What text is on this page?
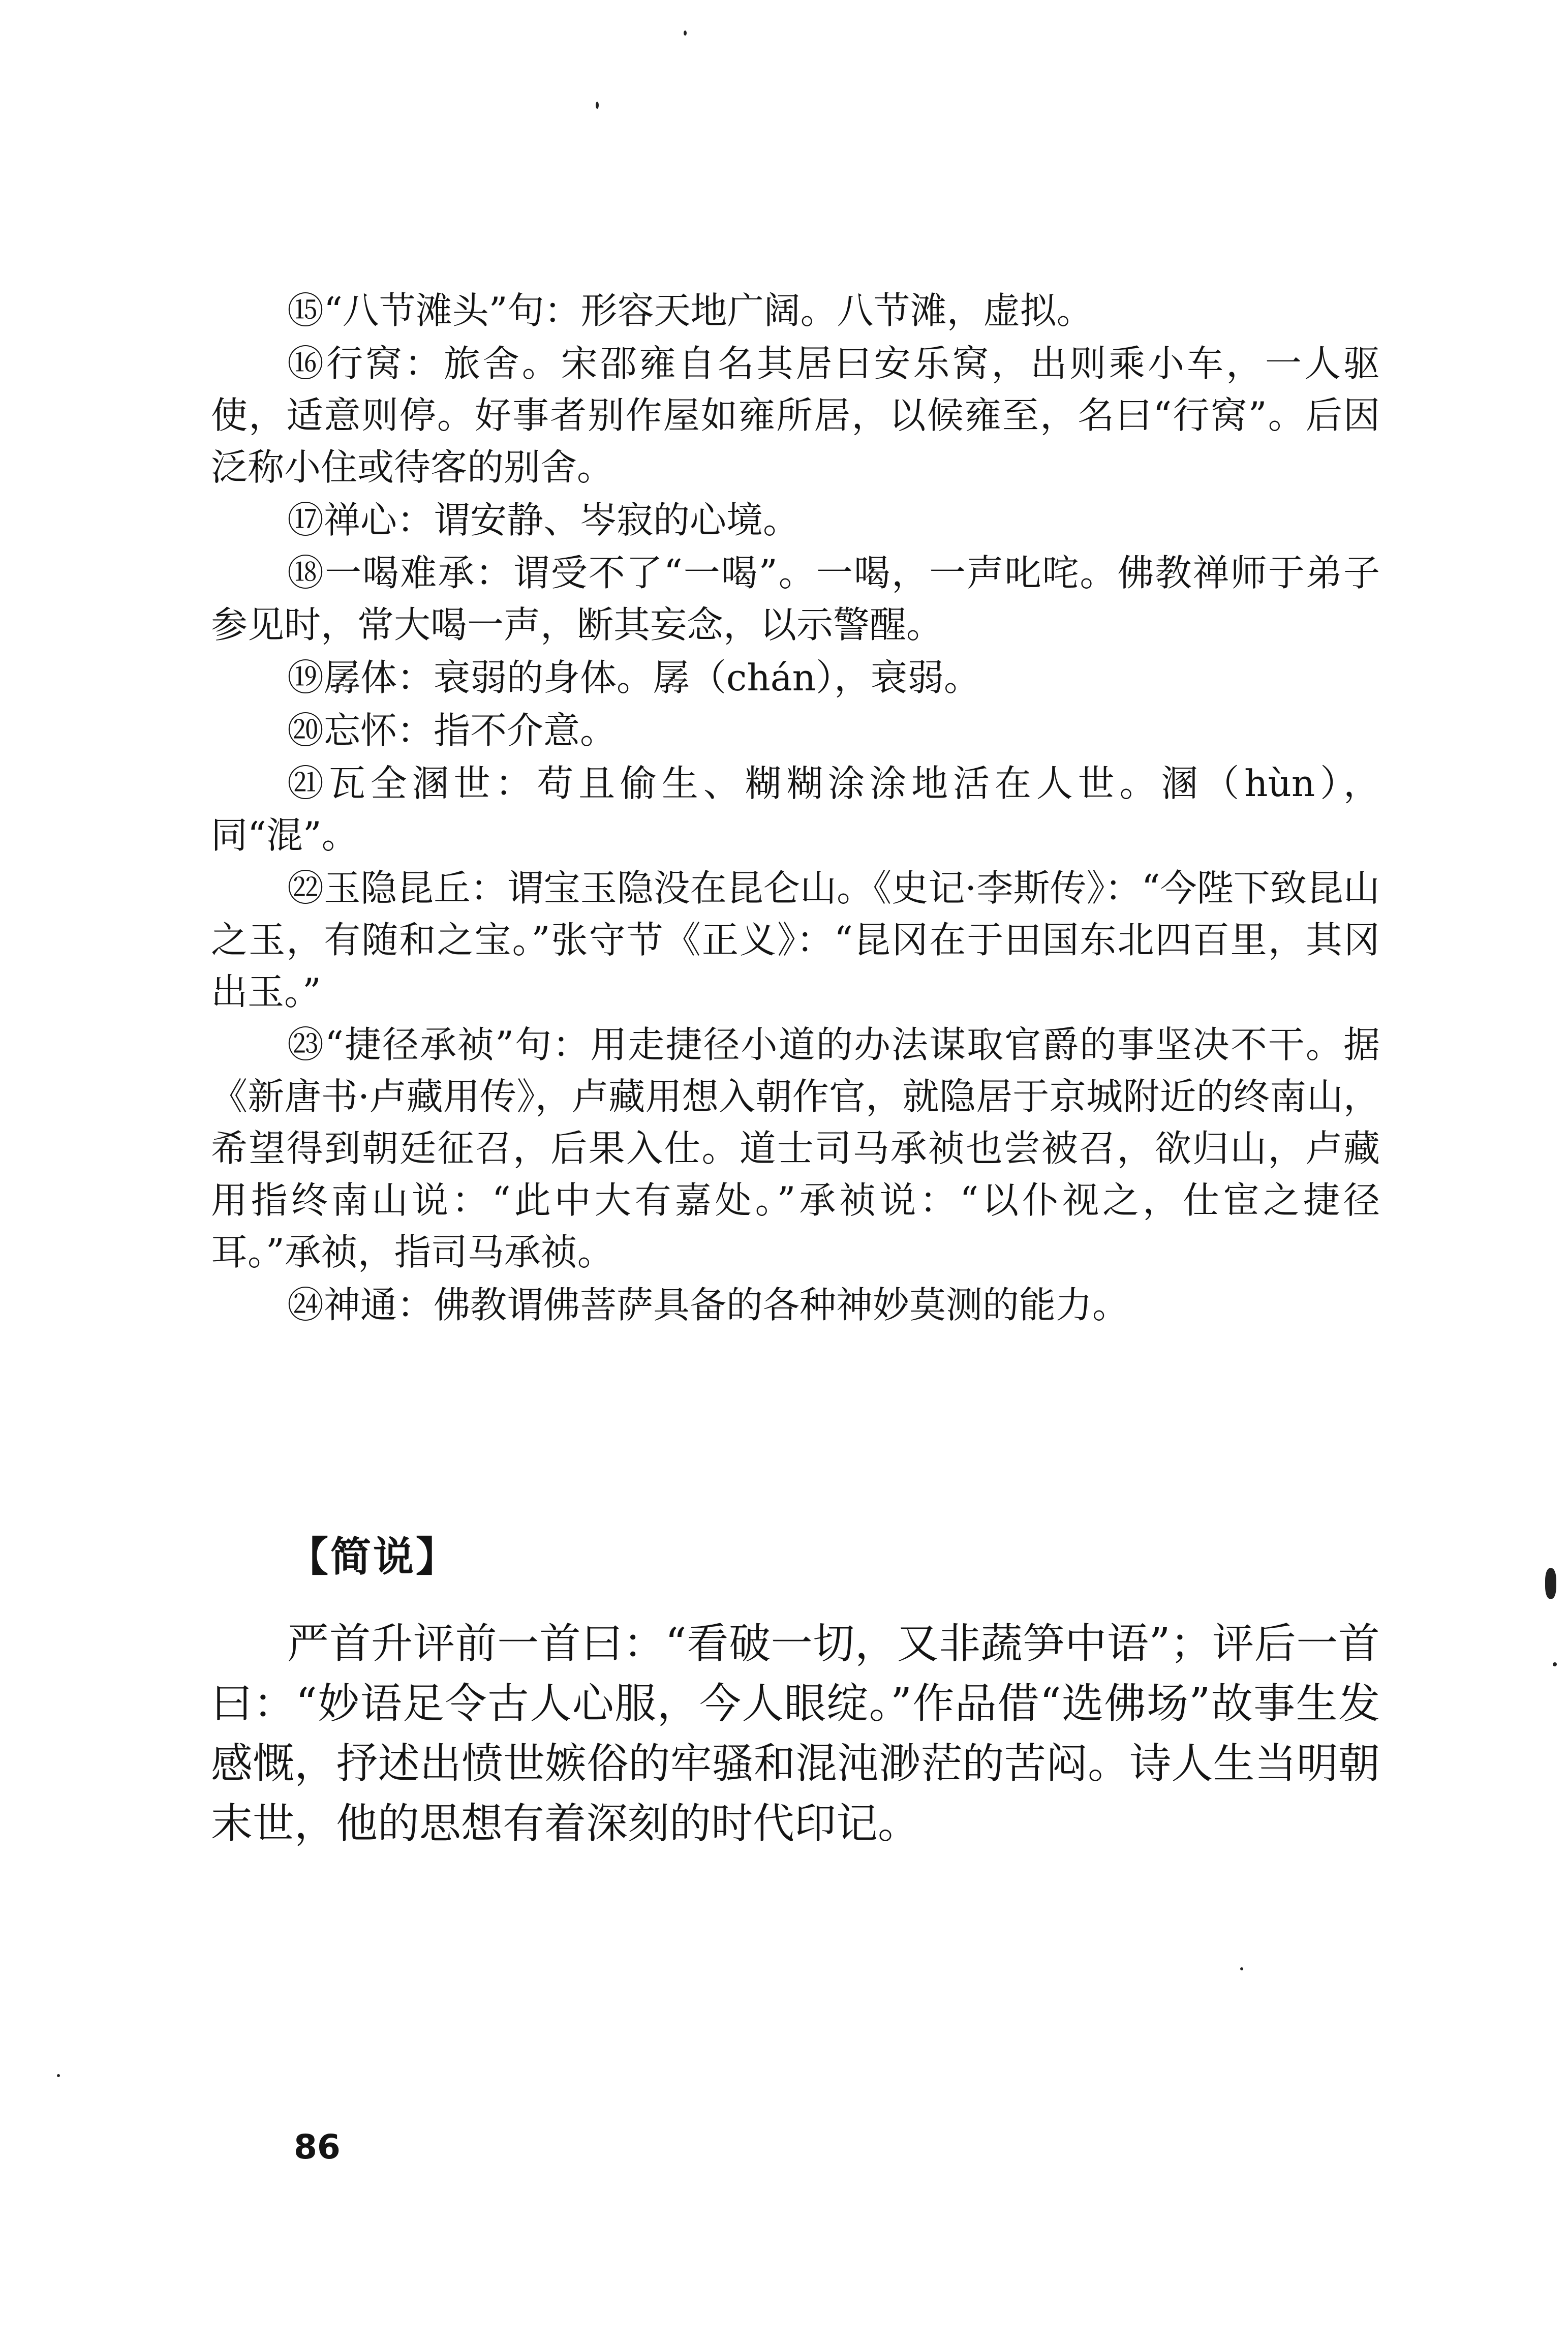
⑮“八节滩头”句：形容天地广阔。八节滩，虚拟。

⑯行窝：旅舍。宋邵雍自名其居曰安乐窝，出则乘小车，一人驱使，适意则停。好事者别作屋如雍所居，以候雍至，名曰“行窝”。后因泛称小住或待客的别舍。

⑰禅心：谓安静、岑寂的心境。

⑱一喝难承：谓受不了“一喝”。一喝，一声叱咤。佛教禅师于弟子参见时，常大喝一声，断其妄念，以示警醒。

⑲孱体：衰弱的身体。孱（chán），衰弱。

⑳忘怀：指不介意。

㉑瓦全溷世：苟且偷生、糊糊涂涂地活在人世。溷（hùn），同“混”。

㉒玉隐昆丘：谓宝玉隐没在昆仑山。《史记·李斯传》：“今陛下致昆山之玉，有随和之宝。”张守节《正义》：“昆冈在于田国东北四百里，其冈出玉。”

㉓“捷径承祯”句：用走捷径小道的办法谋取官爵的事坚决不干。据《新唐书·卢藏用传》，卢藏用想入朝作官，就隐居于京城附近的终南山，希望得到朝廷征召，后果入仕。道士司马承祯也尝被召，欲归山，卢藏用指终南山说：“此中大有嘉处。”承祯说：“以仆视之，仕宦之捷径耳。”承祯，指司马承祯。

㉔神通：佛教谓佛菩萨具备的各种神妙莫测的能力。

【简说】

严首升评前一首曰：“看破一切，又非蔬笋中语”；评后一首曰：“妙语足令古人心服，今人眼绽。”作品借“选佛场”故事生发感慨，抒述出愤世嫉俗的牢骚和混沌渺茫的苦闷。诗人生当明朝末世，他的思想有着深刻的时代印记。

86
